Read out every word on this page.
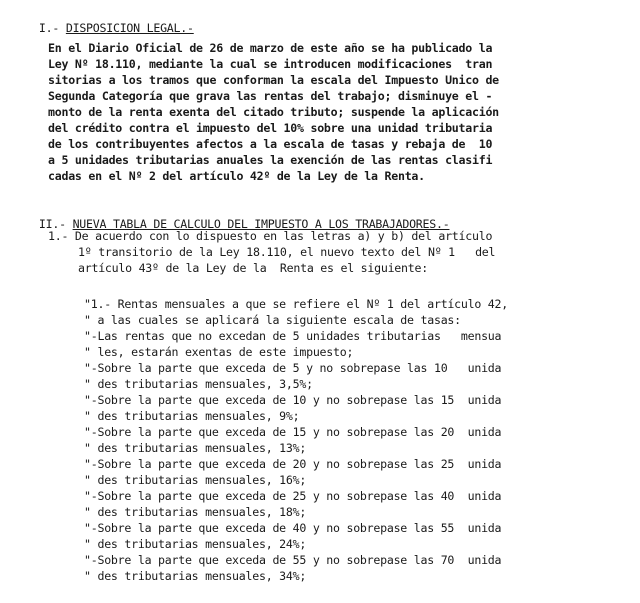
I.- DISPOSICION LEGAL.-

En el Diario Oficial de 26 de marzo de este año se ha publicado la
Ley Nº 18.110, mediante la cual se introducen modificaciones  tran
sitorias a los tramos que conforman la escala del Impuesto Unico de
Segunda Categoría que grava las rentas del trabajo; disminuye el -
monto de la renta exenta del citado tributo; suspende la aplicación
del crédito contra el impuesto del 10% sobre una unidad tributaria
de los contribuyentes afectos a la escala de tasas y rebaja de  10
a 5 unidades tributarias anuales la exención de las rentas clasifi
cadas en el Nº 2 del artículo 42º de la Ley de la Renta.

II.- NUEVA TABLA DE CALCULO DEL IMPUESTO A LOS TRABAJADORES.-

1.- De acuerdo con lo dispuesto en las letras a) y b) del artículo
1º transitorio de la Ley 18.110, el nuevo texto del Nº 1   del
artículo 43º de la Ley de la  Renta es el siguiente:
"1.- Rentas mensuales a que se refiere el Nº 1 del artículo 42,
" a las cuales se aplicará la siguiente escala de tasas:
"-Las rentas que no excedan de 5 unidades tributarias   mensua
" les, estarán exentas de este impuesto;
"-Sobre la parte que exceda de 5 y no sobrepase las 10   unida
" des tributarias mensuales, 3,5%;
"-Sobre la parte que exceda de 10 y no sobrepase las 15  unida
" des tributarias mensuales, 9%;
"-Sobre la parte que exceda de 15 y no sobrepase las 20  unida
" des tributarias mensuales, 13%;
"-Sobre la parte que exceda de 20 y no sobrepase las 25  unida
" des tributarias mensuales, 16%;
"-Sobre la parte que exceda de 25 y no sobrepase las 40  unida
" des tributarias mensuales, 18%;
"-Sobre la parte que exceda de 40 y no sobrepase las 55  unida
" des tributarias mensuales, 24%;
"-Sobre la parte que exceda de 55 y no sobrepase las 70  unida
" des tributarias mensuales, 34%;
